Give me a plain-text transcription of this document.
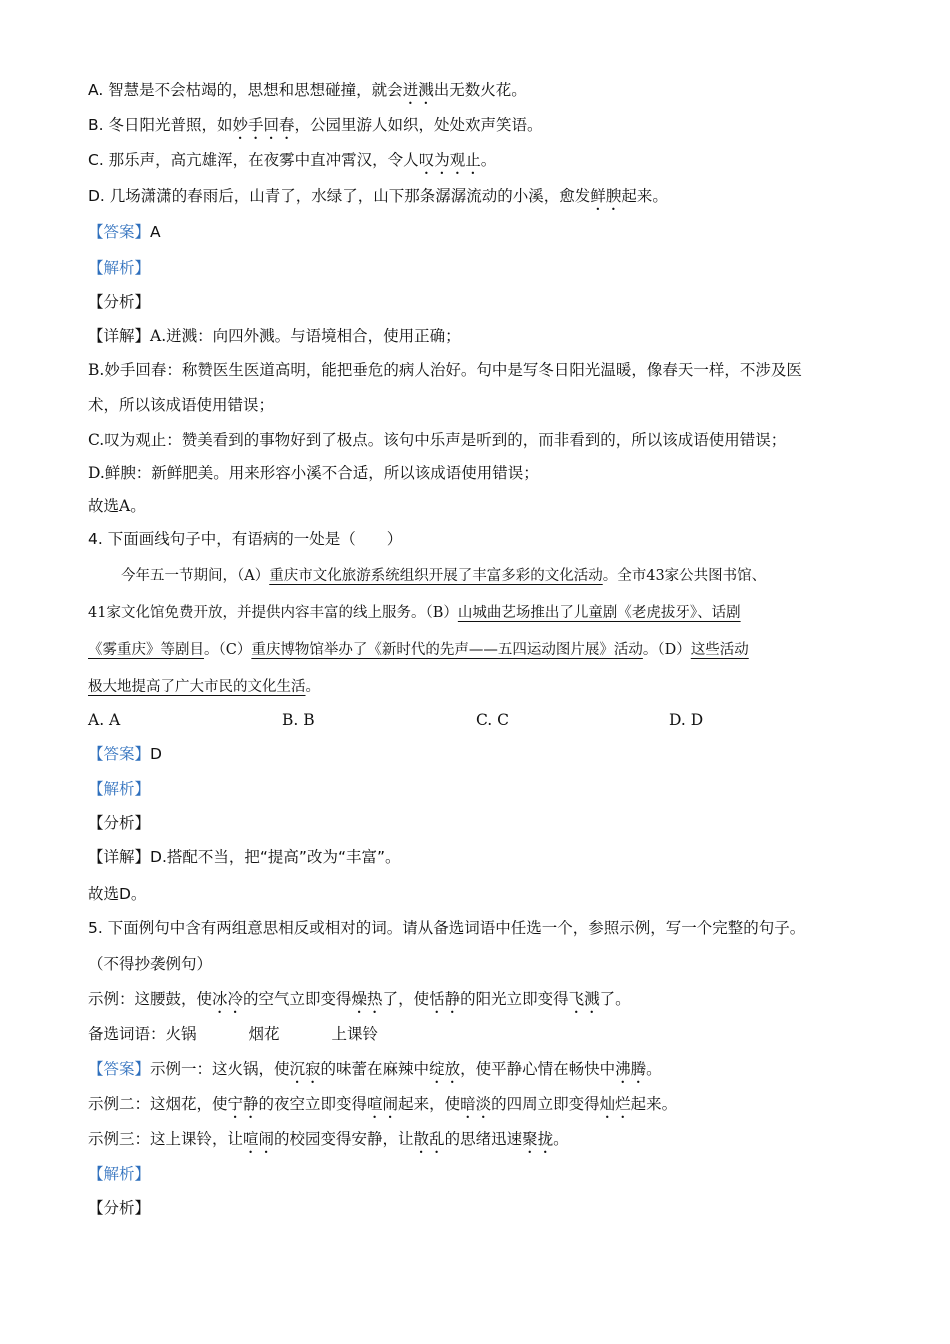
A. 智慧是不会枯竭的，思想和思想碰撞，就会迸溅出无数火花。
B. 冬日阳光普照，如妙手回春，公园里游人如织，处处欢声笑语。
C. 那乐声，高亢雄浑，在夜雾中直冲霄汉，令人叹为观止。
D. 几场潇潇的春雨后，山青了，水绿了，山下那条潺潺流动的小溪，愈发鲜腴起来。
【答案】A
【解析】
【分析】
【详解】A.迸溅：向四外溅。与语境相合，使用正确；
B.妙手回春：称赞医生医道高明，能把垂危的病人治好。句中是写冬日阳光温暖，像春天一样，不涉及医
术，所以该成语使用错误；
C.叹为观止：赞美看到的事物好到了极点。该句中乐声是听到的，而非看到的，所以该成语使用错误；
D.鲜腴：新鲜肥美。用来形容小溪不合适，所以该成语使用错误；
故选A。
4. 下面画线句子中，有语病的一处是（　　）
今年五一节期间，（A）重庆市文化旅游系统组织开展了丰富多彩的文化活动。全市43家公共图书馆、
41家文化馆免费开放，并提供内容丰富的线上服务。（B）山城曲艺场推出了儿童剧《老虎拔牙》、话剧
《雾重庆》等剧目。（C）重庆博物馆举办了《新时代的先声——五四运动图片展》活动。（D）这些活动
极大地提高了广大市民的文化生活。
A. A	B. B	C. C	D. D
【答案】D
【解析】
【分析】
【详解】D.搭配不当，把“提高”改为“丰富”。
故选D。
5. 下面例句中含有两组意思相反或相对的词。请从备选词语中任选一个，参照示例，写一个完整的句子。
（不得抄袭例句）
示例：这腰鼓，使冰冷的空气立即变得燥热了，使恬静的阳光立即变得飞溅了。
备选词语：火锅	烟花	上课铃
【答案】示例一：这火锅，使沉寂的味蕾在麻辣中绽放，使平静心情在畅快中沸腾。
示例二：这烟花，使宁静的夜空立即变得喧闹起来，使暗淡的四周立即变得灿烂起来。
示例三：这上课铃，让喧闹的校园变得安静，让散乱的思绪迅速聚拢。
【解析】
【分析】
